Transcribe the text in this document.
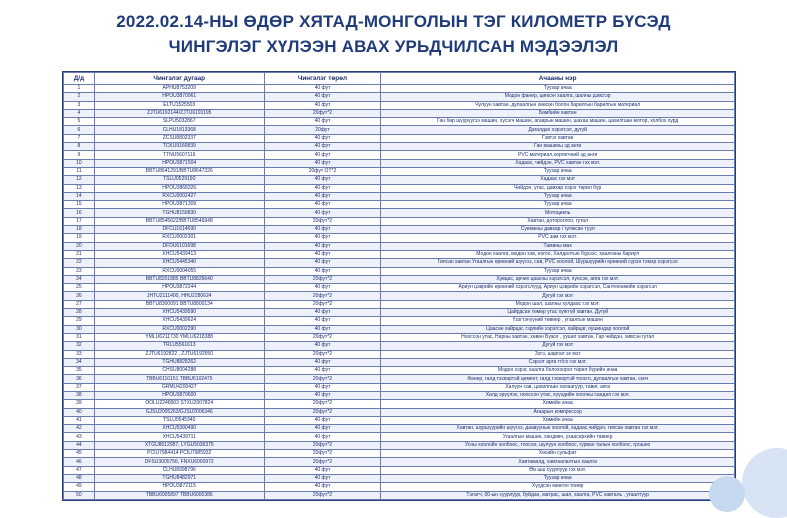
2022.02.14-НЫ ӨДӨР ХЯТАД-МОНГОЛЫН ТЭГ КИЛОМЕТР БҮСЭД
ЧИНГЭЛЭГ ХҮЛЭЭН АВАХ УРЬДЧИЛСАН МЭДЭЭЛЭЛ
Д/д	Чингэлэг дугаар	Чингэлэг төрөл	Ачааны нэр
1	APHU8753209	40 фут	Туузар ачаа
2	HPOU3870961	40 фут	Модон фанер, цинхэн хаалга, шалны дэвсгэр
3	ELTU1525503	40 фут	Чулуун хавтан, дулаалгын хөөсөн болон барилгын барилгын материал
4	ZJTU6192144/ZJTU6191195	20фут*2	Бөмбийн хавтан
5	SLPU5032867	40 фут	Ган бөр шүүрүүгээ машин, хусэгч машин, агаарын машин, шахаа машин, цахилгаан мотор, холбох хурд
6	CLHU1813368	20фут	Дагалдах хэрэгсэл, дугуй
7	ZCSU8802337	40 фут	Гэвтэг хавтан
8	TCKU9160839	40 фут	Ган машины эд анги
9	TTNU5607119	40 фут	PVC материал,хөргөгчний эд анги
10	HPOU3871504	40 фут	Хадаас, чийдэн, PVC хавтан гэх мэт.
11	BBTU8641291/BBTU8647326	20фут ОТ*2	Туузар ачаа
12	TSLU0529190	40 фут	Хадаас гэх мэт
13	HPOU3868326	40 фут	Чийдэн, утас, давхар хэрэг төрөл бүр
14	RXCU0002427	40 фут	Туузар ачаа
15	HPOU3871309	40 фут	Туузар ачаа
16	TGHU8159830	40 фут	Мотоцикль
17	BBTU8545622/BBTU8546948	20фут*2	Хавтан, дотороглоо, гутал
18	DFCU1614690	40 фут	Суемжны давхар / гулжсан туул
19	RXCU0002301	40 фут	PVC зам гэх мэт.
20	DFDU6101698	40 фут	Тамины мах
21	XHCU5439413	40 фут	Модон хаалга, модон хэв, ногоо, Хөлдөлтын бүрээс, хаалганы бариул
22	XHCU5445340	40 фут	Гипсан хавтан Угаалгын өрөөний шүүгээ, сав, PVC хоолой, Шүршүүрийн өрөөний сүрэн тэмэр хэрэгсэл
23	RXCU0004055	40 фут	Туузар ачаа
24	BBTU8201885 BBTU8826640	20фут*2	Хувцас, арчих цаасны хэрэгсэл, хүнсэн, аяга гэх мэт.
25	HPOU3872244	40 фут	Ариун цэврийн өрөөний хэрэгслүүд, Ариун цэврийн хэрэгсэл, Сантехникийн хэрэгсэл
26	JHTU2111400, HHU2280624	20фут*2	Дугуй гэх мэт
27	BBTU8300091 BBTU8800134	20фут*2	Модон шал, шалны хулдаас гэх мэт.
28	XHCU5439590	40 фут	Цайрдсан төмөр утас хуяггүй хавтан, Дугуй
29	XHCU5439624	40 фут	Үзэгтэнүүний төвөөр , угаалгын машин
30	RXCU0002290	40 фут	Цаасан хайрцаг, гэрлийн хэрэгсэл, хайрцаг, оушиндар хоолой
31	YMLU6211730 YMLU6218388	20фут*2	Нооссон утас, Нарны хавтан, хөвөн Бүжэг , уушиг хавтан, Гар чийдэн, хивсэн гутал
32	TRLU5561613	40 фут	Дугуй гэх мэт
33	ZJTU6192822 , ZJTU6192550	20фут*2	Зэгэ, шаргал эх мэт
34	TGHU8828262	40 фут	Сэрээт арга тг/сх гэх мэт.
35	CHSU8004288	40 фут	Модон хэрэг, хаалга болохоорог төрөл бүрийн ачаа
36	TBBU6110151 TBBU6102475	20фут*2	Фанер, галд тэсвэртэй цемент, галд тэсвэртэй тоосго, дулаалгын хавтан, скоч
37	GRMU4200427	40 фут	Халуун сав, цахилгаан халаагуур, тавиг, аяга
38	HPOU3870600	40 фут	Хөлд эрүүлэх, нооссон утас, хүүхдийн хоолны сандал гэх мэт.
39	OOLU2248903 STXU2007824	20фут*2	Химийн ачаа
40	GJSU2005263/GJSU2006346	20фут*2	Агаарын компрессор
41	TSLU0545340	40 фут	Химийн ачаа
42	XHCU5390490	40 фут	Хавтан, шүршүүрийн шүүгээ, даавуунын хоолой, хадаас,чийдэн, гипсан хавтан гэх мэт.
43	XHCU5439711	40 фут	Угаалгын машин, хөндөвч, ухаасерхийн тавиер
44	XTGU8012957, LYGU5036375	20фут*2	Усны хоолойн холбоос, тоосоо, шулуун холбоос, гурван талын холбоос, грошно
45	PCIU7984414 PCIU7985932	20фут*2	Хөсийн сульфат
46	DFSU3005756, FNXU6000972	20фут*2	Хавтамалд, хамгаалалтын хаалга
47	CLHU8998796	40 фут	Өө шш суурлуур гэх мэт.
48	TGHU8482971	40 фут	Туузар ачаа
49	HPOU3872115	40 фут	Хүүдсэн мингон тоиөр
50	TBBU6005897 TBBU6000386	20фут*2	Тэлэгч, 00-ын суурлуур, буйдан, матрас, шал, хаалга, PVC хавталь , угаалтуур
